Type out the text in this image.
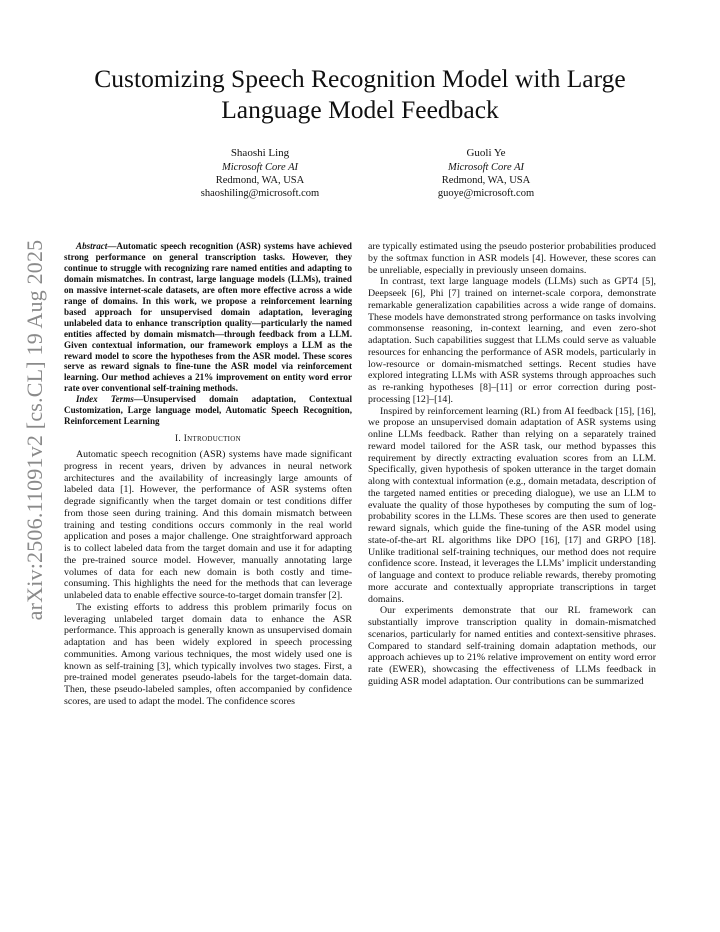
arXiv:2506.11091v2 [cs.CL] 19 Aug 2025
Customizing Speech Recognition Model with Large
Language Model Feedback
Shaoshi Ling
Microsoft Core AI
Redmond, WA, USA
shaoshiling@microsoft.com
Guoli Ye
Microsoft Core AI
Redmond, WA, USA
guoye@microsoft.com

Abstract—Automatic speech recognition (ASR) systems have achieved strong performance on general transcription tasks. However, they continue to struggle with recognizing rare named entities and adapting to domain mismatches. In contrast, large language models (LLMs), trained on massive internet-scale datasets, are often more effective across a wide range of domains. In this work, we propose a reinforcement learning based approach for unsupervised domain adaptation, leveraging unlabeled data to enhance transcription quality—particularly the named entities affected by domain mismatch—through feedback from a LLM. Given contextual information, our framework employs a LLM as the reward model to score the hypotheses from the ASR model. These scores serve as reward signals to fine-tune the ASR model via reinforcement learning. Our method achieves a 21% improvement on entity word error rate over conventional self-training methods.

Index Terms—Unsupervised domain adaptation, Contextual Customization, Large language model, Automatic Speech Recognition, Reinforcement Learning

I. Introduction

Automatic speech recognition (ASR) systems have made significant progress in recent years, driven by advances in neural network architectures and the availability of increasingly large amounts of labeled data [1]. However, the performance of ASR systems often degrade significantly when the target domain or test conditions differ from those seen during training. And this domain mismatch between training and testing conditions occurs commonly in the real world application and poses a major challenge. One straightforward approach is to collect labeled data from the target domain and use it for adapting the pre-trained source model. However, manually annotating large volumes of data for each new domain is both costly and time-consuming. This highlights the need for the methods that can leverage unlabeled data to enable effective source-to-target domain transfer [2].

The existing efforts to address this problem primarily focus on leveraging unlabeled target domain data to enhance the ASR performance. This approach is generally known as unsupervised domain adaptation and has been widely explored in speech processing communities. Among various techniques, the most widely used one is known as self-training [3], which typically involves two stages. First, a pre-trained model generates pseudo-labels for the target-domain data. Then, these pseudo-labeled samples, often accompanied by confidence scores, are used to adapt the model. The confidence scores

are typically estimated using the pseudo posterior probabilities produced by the softmax function in ASR models [4]. However, these scores can be unreliable, especially in previously unseen domains.

In contrast, text large language models (LLMs) such as GPT4 [5], Deepseek [6], Phi [7] trained on internet-scale corpora, demonstrate remarkable generalization capabilities across a wide range of domains. These models have demonstrated strong performance on tasks involving commonsense reasoning, in-context learning, and even zero-shot adaptation. Such capabilities suggest that LLMs could serve as valuable resources for enhancing the performance of ASR models, particularly in low-resource or domain-mismatched settings. Recent studies have explored integrating LLMs with ASR systems through approaches such as re-ranking hypotheses [8]–[11] or error correction during post-processing [12]–[14].

Inspired by reinforcement learning (RL) from AI feedback [15], [16], we propose an unsupervised domain adaptation of ASR systems using online LLMs feedback. Rather than relying on a separately trained reward model tailored for the ASR task, our method bypasses this requirement by directly extracting evaluation scores from an LLM. Specifically, given hypothesis of spoken utterance in the target domain along with contextual information (e.g., domain metadata, description of the targeted named entities or preceding dialogue), we use an LLM to evaluate the quality of those hypotheses by computing the sum of log-probability scores in the LLMs. These scores are then used to generate reward signals, which guide the fine-tuning of the ASR model using state-of-the-art RL algorithms like DPO [16], [17] and GRPO [18]. Unlike traditional self-training techniques, our method does not require confidence score. Instead, it leverages the LLMs’ implicit understanding of language and context to produce reliable rewards, thereby promoting more accurate and contextually appropriate transcriptions in target domains.

Our experiments demonstrate that our RL framework can substantially improve transcription quality in domain-mismatched scenarios, particularly for named entities and context-sensitive phrases. Compared to standard self-training domain adaptation methods, our approach achieves up to 21% relative improvement on entity word error rate (EWER), showcasing the effectiveness of LLMs feedback in guiding ASR model adaptation. Our contributions can be summarized
